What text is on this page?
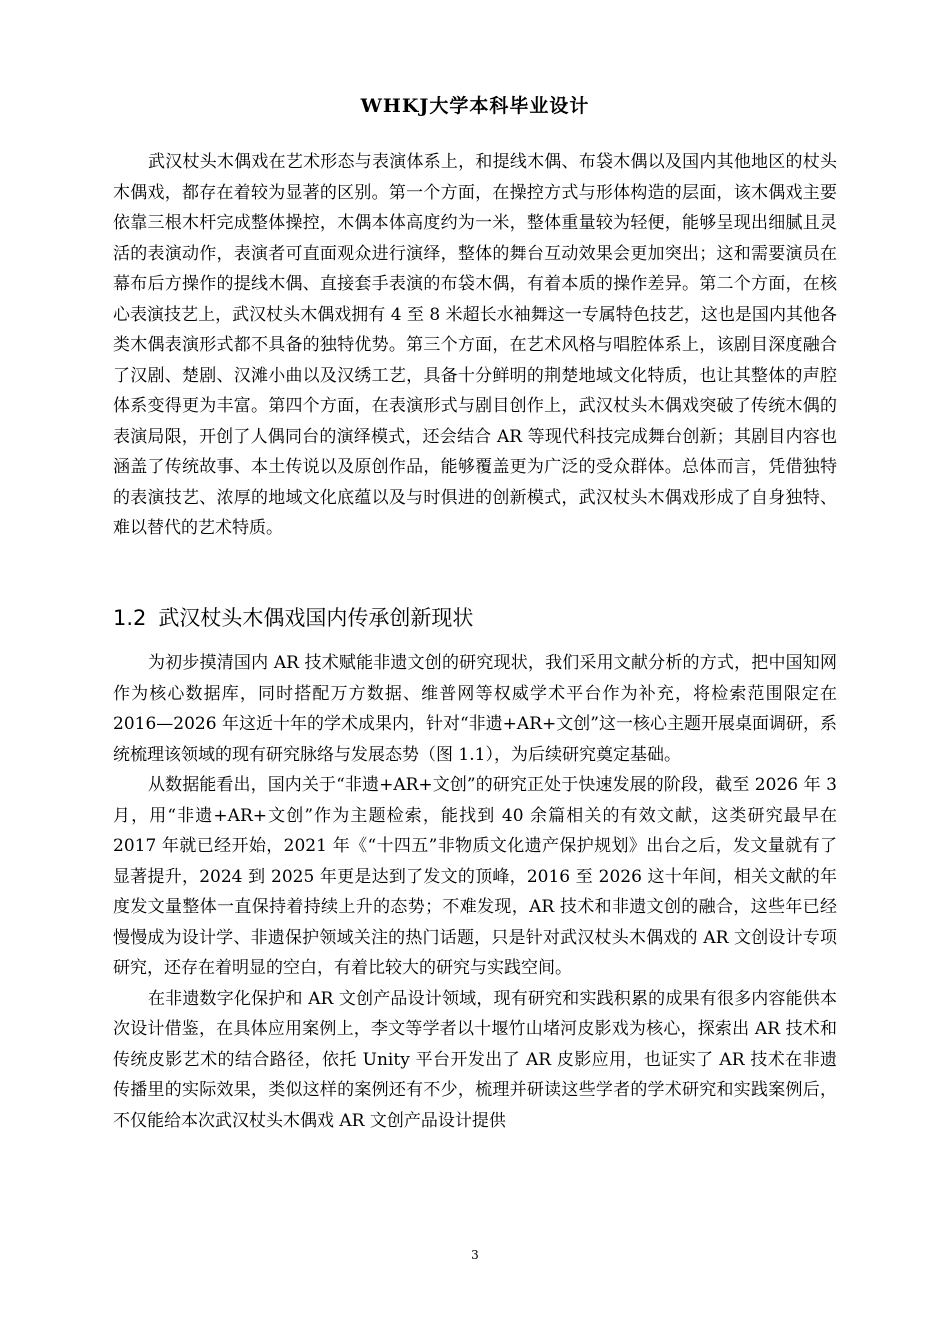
WHKJ大学本科毕业设计

武汉杖头木偶戏在艺术形态与表演体系上，和提线木偶、布袋木偶以及国内其他地区的杖头木偶戏，都存在着较为显著的区别。第一个方面，在操控方式与形体构造的层面，该木偶戏主要依靠三根木杆完成整体操控，木偶本体高度约为一米，整体重量较为轻便，能够呈现出细腻且灵活的表演动作，表演者可直面观众进行演绎，整体的舞台互动效果会更加突出；这和需要演员在幕布后方操作的提线木偶、直接套手表演的布袋木偶，有着本质的操作差异。第二个方面，在核心表演技艺上，武汉杖头木偶戏拥有 4 至 8 米超长水袖舞这一专属特色技艺，这也是国内其他各类木偶表演形式都不具备的独特优势。第三个方面，在艺术风格与唱腔体系上，该剧目深度融合了汉剧、楚剧、汉滩小曲以及汉绣工艺，具备十分鲜明的荆楚地域文化特质，也让其整体的声腔体系变得更为丰富。第四个方面，在表演形式与剧目创作上，武汉杖头木偶戏突破了传统木偶的表演局限，开创了人偶同台的演绎模式，还会结合 AR 等现代科技完成舞台创新；其剧目内容也涵盖了传统故事、本土传说以及原创作品，能够覆盖更为广泛的受众群体。总体而言，凭借独特的表演技艺、浓厚的地域文化底蕴以及与时俱进的创新模式，武汉杖头木偶戏形成了自身独特、难以替代的艺术特质。

1.2 武汉杖头木偶戏国内传承创新现状

为初步摸清国内 AR 技术赋能非遗文创的研究现状，我们采用文献分析的方式，把中国知网作为核心数据库，同时搭配万方数据、维普网等权威学术平台作为补充，将检索范围限定在 2016—2026 年这近十年的学术成果内，针对“非遗+AR+文创”这一核心主题开展桌面调研，系统梳理该领域的现有研究脉络与发展态势（图 1.1），为后续研究奠定基础。

从数据能看出，国内关于“非遗+AR+文创”的研究正处于快速发展的阶段，截至 2026 年 3 月，用“非遗+AR+文创”作为主题检索，能找到 40 余篇相关的有效文献，这类研究最早在 2017 年就已经开始，2021 年《“十四五”非物质文化遗产保护规划》出台之后，发文量就有了显著提升，2024 到 2025 年更是达到了发文的顶峰，2016 至 2026 这十年间，相关文献的年度发文量整体一直保持着持续上升的态势；不难发现，AR 技术和非遗文创的融合，这些年已经慢慢成为设计学、非遗保护领域关注的热门话题，只是针对武汉杖头木偶戏的 AR 文创设计专项研究，还存在着明显的空白，有着比较大的研究与实践空间。

在非遗数字化保护和 AR 文创产品设计领域，现有研究和实践积累的成果有很多内容能供本次设计借鉴，在具体应用案例上，李文等学者以十堰竹山堵河皮影戏为核心，探索出 AR 技术和传统皮影艺术的结合路径，依托 Unity 平台开发出了 AR 皮影应用，也证实了 AR 技术在非遗传播里的实际效果，类似这样的案例还有不少，梳理并研读这些学者的学术研究和实践案例后，不仅能给本次武汉杖头木偶戏 AR 文创产品设计提供

3
